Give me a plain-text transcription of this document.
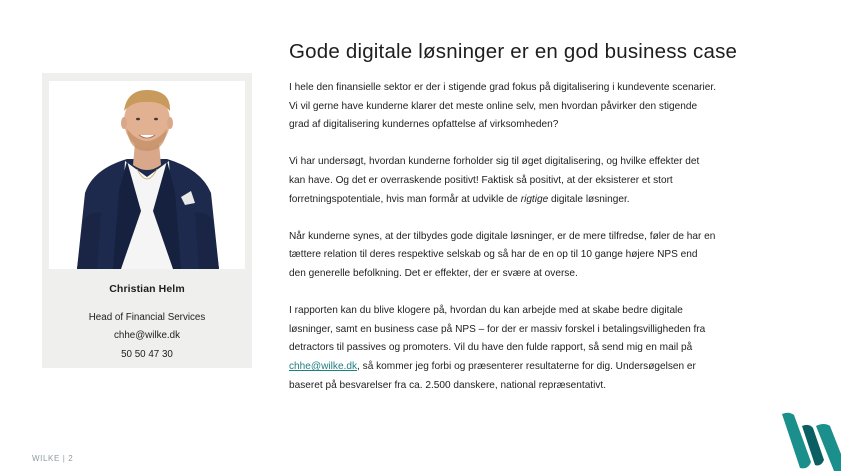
Christian Helm
Head of Financial Services
chhe@wilke.dk
50 50 47 30
Gode digitale løsninger er en god business case
I hele den finansielle sektor er der i stigende grad fokus på digitalisering i kundevente scenarier.
Vi vil gerne have kunderne klarer det meste online selv, men hvordan påvirker den stigende
grad af digitalisering kundernes opfattelse af virksomheden?
Vi har undersøgt, hvordan kunderne forholder sig til øget digitalisering, og hvilke effekter det
kan have. Og det er overraskende positivt! Faktisk så positivt, at der eksisterer et stort
forretningspotentiale, hvis man formår at udvikle de rigtige digitale løsninger.
Når kunderne synes, at der tilbydes gode digitale løsninger, er de mere tilfredse, føler de har en
tættere relation til deres respektive selskab og så har de en op til 10 gange højere NPS end
den generelle befolkning. Det er effekter, der er svære at overse.
I rapporten kan du blive klogere på, hvordan du kan arbejde med at skabe bedre digitale
løsninger, samt en business case på NPS – for der er massiv forskel i betalingsvilligheden fra
detractors til passives og promoters. Vil du have den fulde rapport, så send mig en mail på
chhe@wilke.dk, så kommer jeg forbi og præsenterer resultaterne for dig. Undersøgelsen er
baseret på besvarelser fra ca. 2.500 danskere, national repræsentativt.
WILKE | 2
